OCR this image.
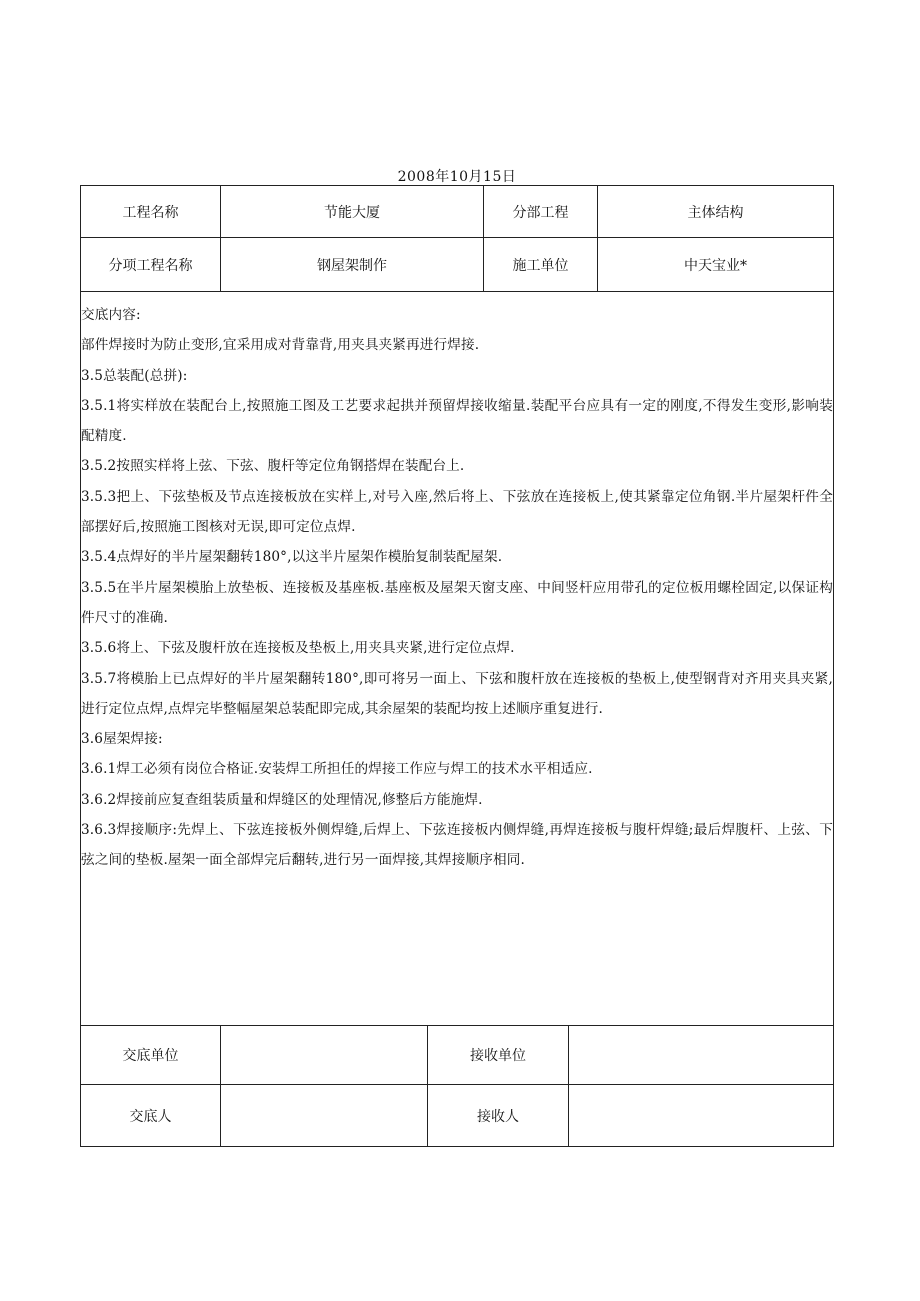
2008年10月15日
工程名称	节能大厦	分部工程	主体结构
分项工程名称	钢屋架制作	施工单位	中天宝业*

交底内容:

部件焊接时为防止变形,宜采用成对背靠背,用夹具夹紧再进行焊接.

3.5总装配(总拼):

3.5.1将实样放在装配台上,按照施工图及工艺要求起拱并预留焊接收缩量.装配平台应具有一定的刚度,不得发生变形,影响装配精度.

3.5.2按照实样将上弦、下弦、腹杆等定位角钢搭焊在装配台上.

3.5.3把上、下弦垫板及节点连接板放在实样上,对号入座,然后将上、下弦放在连接板上,使其紧靠定位角钢.半片屋架杆件全部摆好后,按照施工图核对无误,即可定位点焊.

3.5.4点焊好的半片屋架翻转180°,以这半片屋架作模胎复制装配屋架.

3.5.5在半片屋架模胎上放垫板、连接板及基座板.基座板及屋架天窗支座、中间竖杆应用带孔的定位板用螺栓固定,以保证构件尺寸的准确.

3.5.6将上、下弦及腹杆放在连接板及垫板上,用夹具夹紧,进行定位点焊.

3.5.7将模胎上已点焊好的半片屋架翻转180°,即可将另一面上、下弦和腹杆放在连接板的垫板上,使型钢背对齐用夹具夹紧,进行定位点焊,点焊完毕整幅屋架总装配即完成,其余屋架的装配均按上述顺序重复进行.

3.6屋架焊接:

3.6.1焊工必须有岗位合格证.安装焊工所担任的焊接工作应与焊工的技术水平相适应.

3.6.2焊接前应复查组装质量和焊缝区的处理情况,修整后方能施焊.

3.6.3焊接顺序:先焊上、下弦连接板外侧焊缝,后焊上、下弦连接板内侧焊缝,再焊连接板与腹杆焊缝;最后焊腹杆、上弦、下弦之间的垫板.屋架一面全部焊完后翻转,进行另一面焊接,其焊接顺序相同.

交底单位	接收单位
交底人	接收人
